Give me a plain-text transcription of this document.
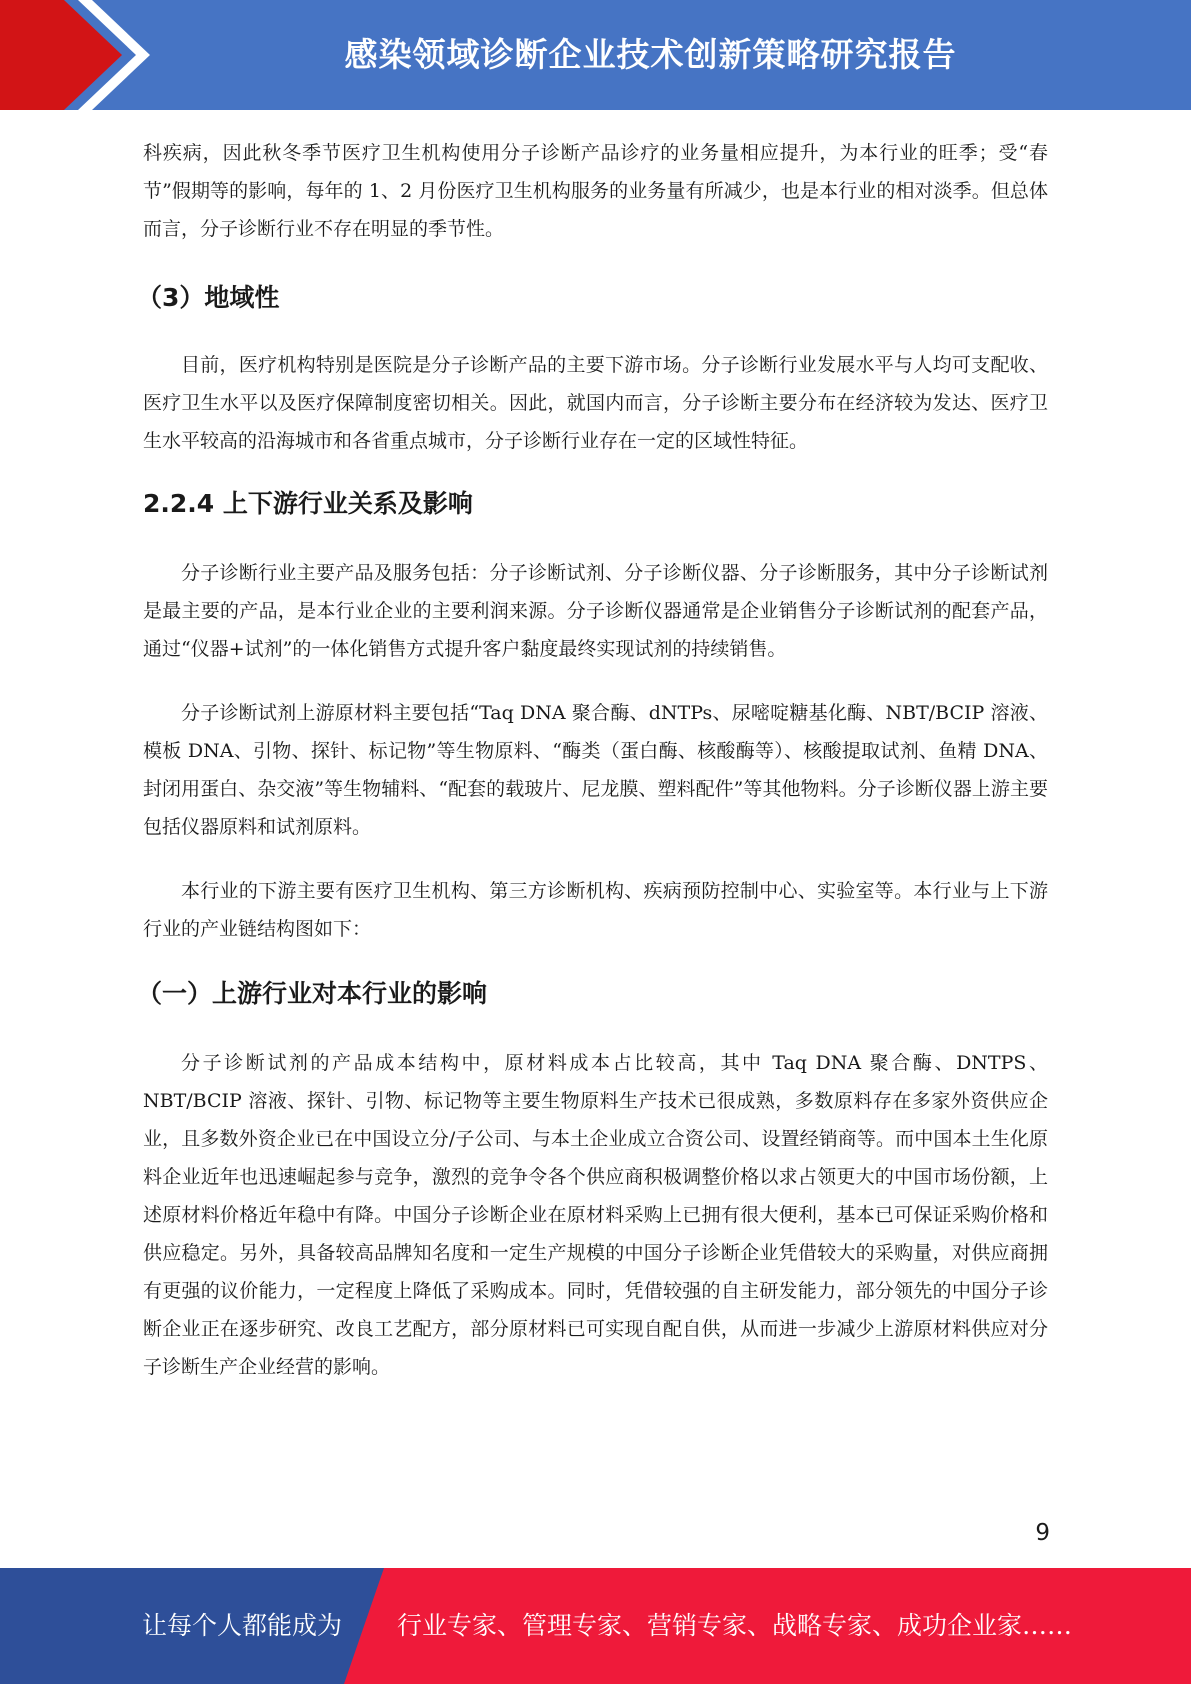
感染领域诊断企业技术创新策略研究报告

科疾病，因此秋冬季节医疗卫生机构使用分子诊断产品诊疗的业务量相应提升，为本行业的旺季；受“春节”假期等的影响，每年的 1、2 月份医疗卫生机构服务的业务量有所减少，也是本行业的相对淡季。但总体而言，分子诊断行业不存在明显的季节性。

（3）地域性

目前，医疗机构特别是医院是分子诊断产品的主要下游市场。分子诊断行业发展水平与人均可支配收、医疗卫生水平以及医疗保障制度密切相关。因此，就国内而言，分子诊断主要分布在经济较为发达、医疗卫生水平较高的沿海城市和各省重点城市，分子诊断行业存在一定的区域性特征。

2.2.4 上下游行业关系及影响

分子诊断行业主要产品及服务包括：分子诊断试剂、分子诊断仪器、分子诊断服务，其中分子诊断试剂是最主要的产品，是本行业企业的主要利润来源。分子诊断仪器通常是企业销售分子诊断试剂的配套产品，通过“仪器+试剂”的一体化销售方式提升客户黏度最终实现试剂的持续销售。

分子诊断试剂上游原材料主要包括“Taq DNA 聚合酶、dNTPs、尿嘧啶糖基化酶、NBT/BCIP 溶液、模板 DNA、引物、探针、标记物”等生物原料、“酶类（蛋白酶、核酸酶等）、核酸提取试剂、鱼精 DNA、封闭用蛋白、杂交液”等生物辅料、“配套的载玻片、尼龙膜、塑料配件”等其他物料。分子诊断仪器上游主要包括仪器原料和试剂原料。

本行业的下游主要有医疗卫生机构、第三方诊断机构、疾病预防控制中心、实验室等。本行业与上下游行业的产业链结构图如下：

（一）上游行业对本行业的影响

分子诊断试剂的产品成本结构中，原材料成本占比较高，其中 Taq DNA 聚合酶、DNTPS、NBT/BCIP 溶液、探针、引物、标记物等主要生物原料生产技术已很成熟，多数原料存在多家外资供应企业，且多数外资企业已在中国设立分/子公司、与本土企业成立合资公司、设置经销商等。而中国本土生化原料企业近年也迅速崛起参与竞争，激烈的竞争令各个供应商积极调整价格以求占领更大的中国市场份额，上述原材料价格近年稳中有降。中国分子诊断企业在原材料采购上已拥有很大便利，基本已可保证采购价格和供应稳定。另外，具备较高品牌知名度和一定生产规模的中国分子诊断企业凭借较大的采购量，对供应商拥有更强的议价能力，一定程度上降低了采购成本。同时，凭借较强的自主研发能力，部分领先的中国分子诊断企业正在逐步研究、改良工艺配方，部分原材料已可实现自配自供，从而进一步减少上游原材料供应对分子诊断生产企业经营的影响。

9
让每个人都能成为 行业专家、管理专家、营销专家、战略专家、成功企业家……
